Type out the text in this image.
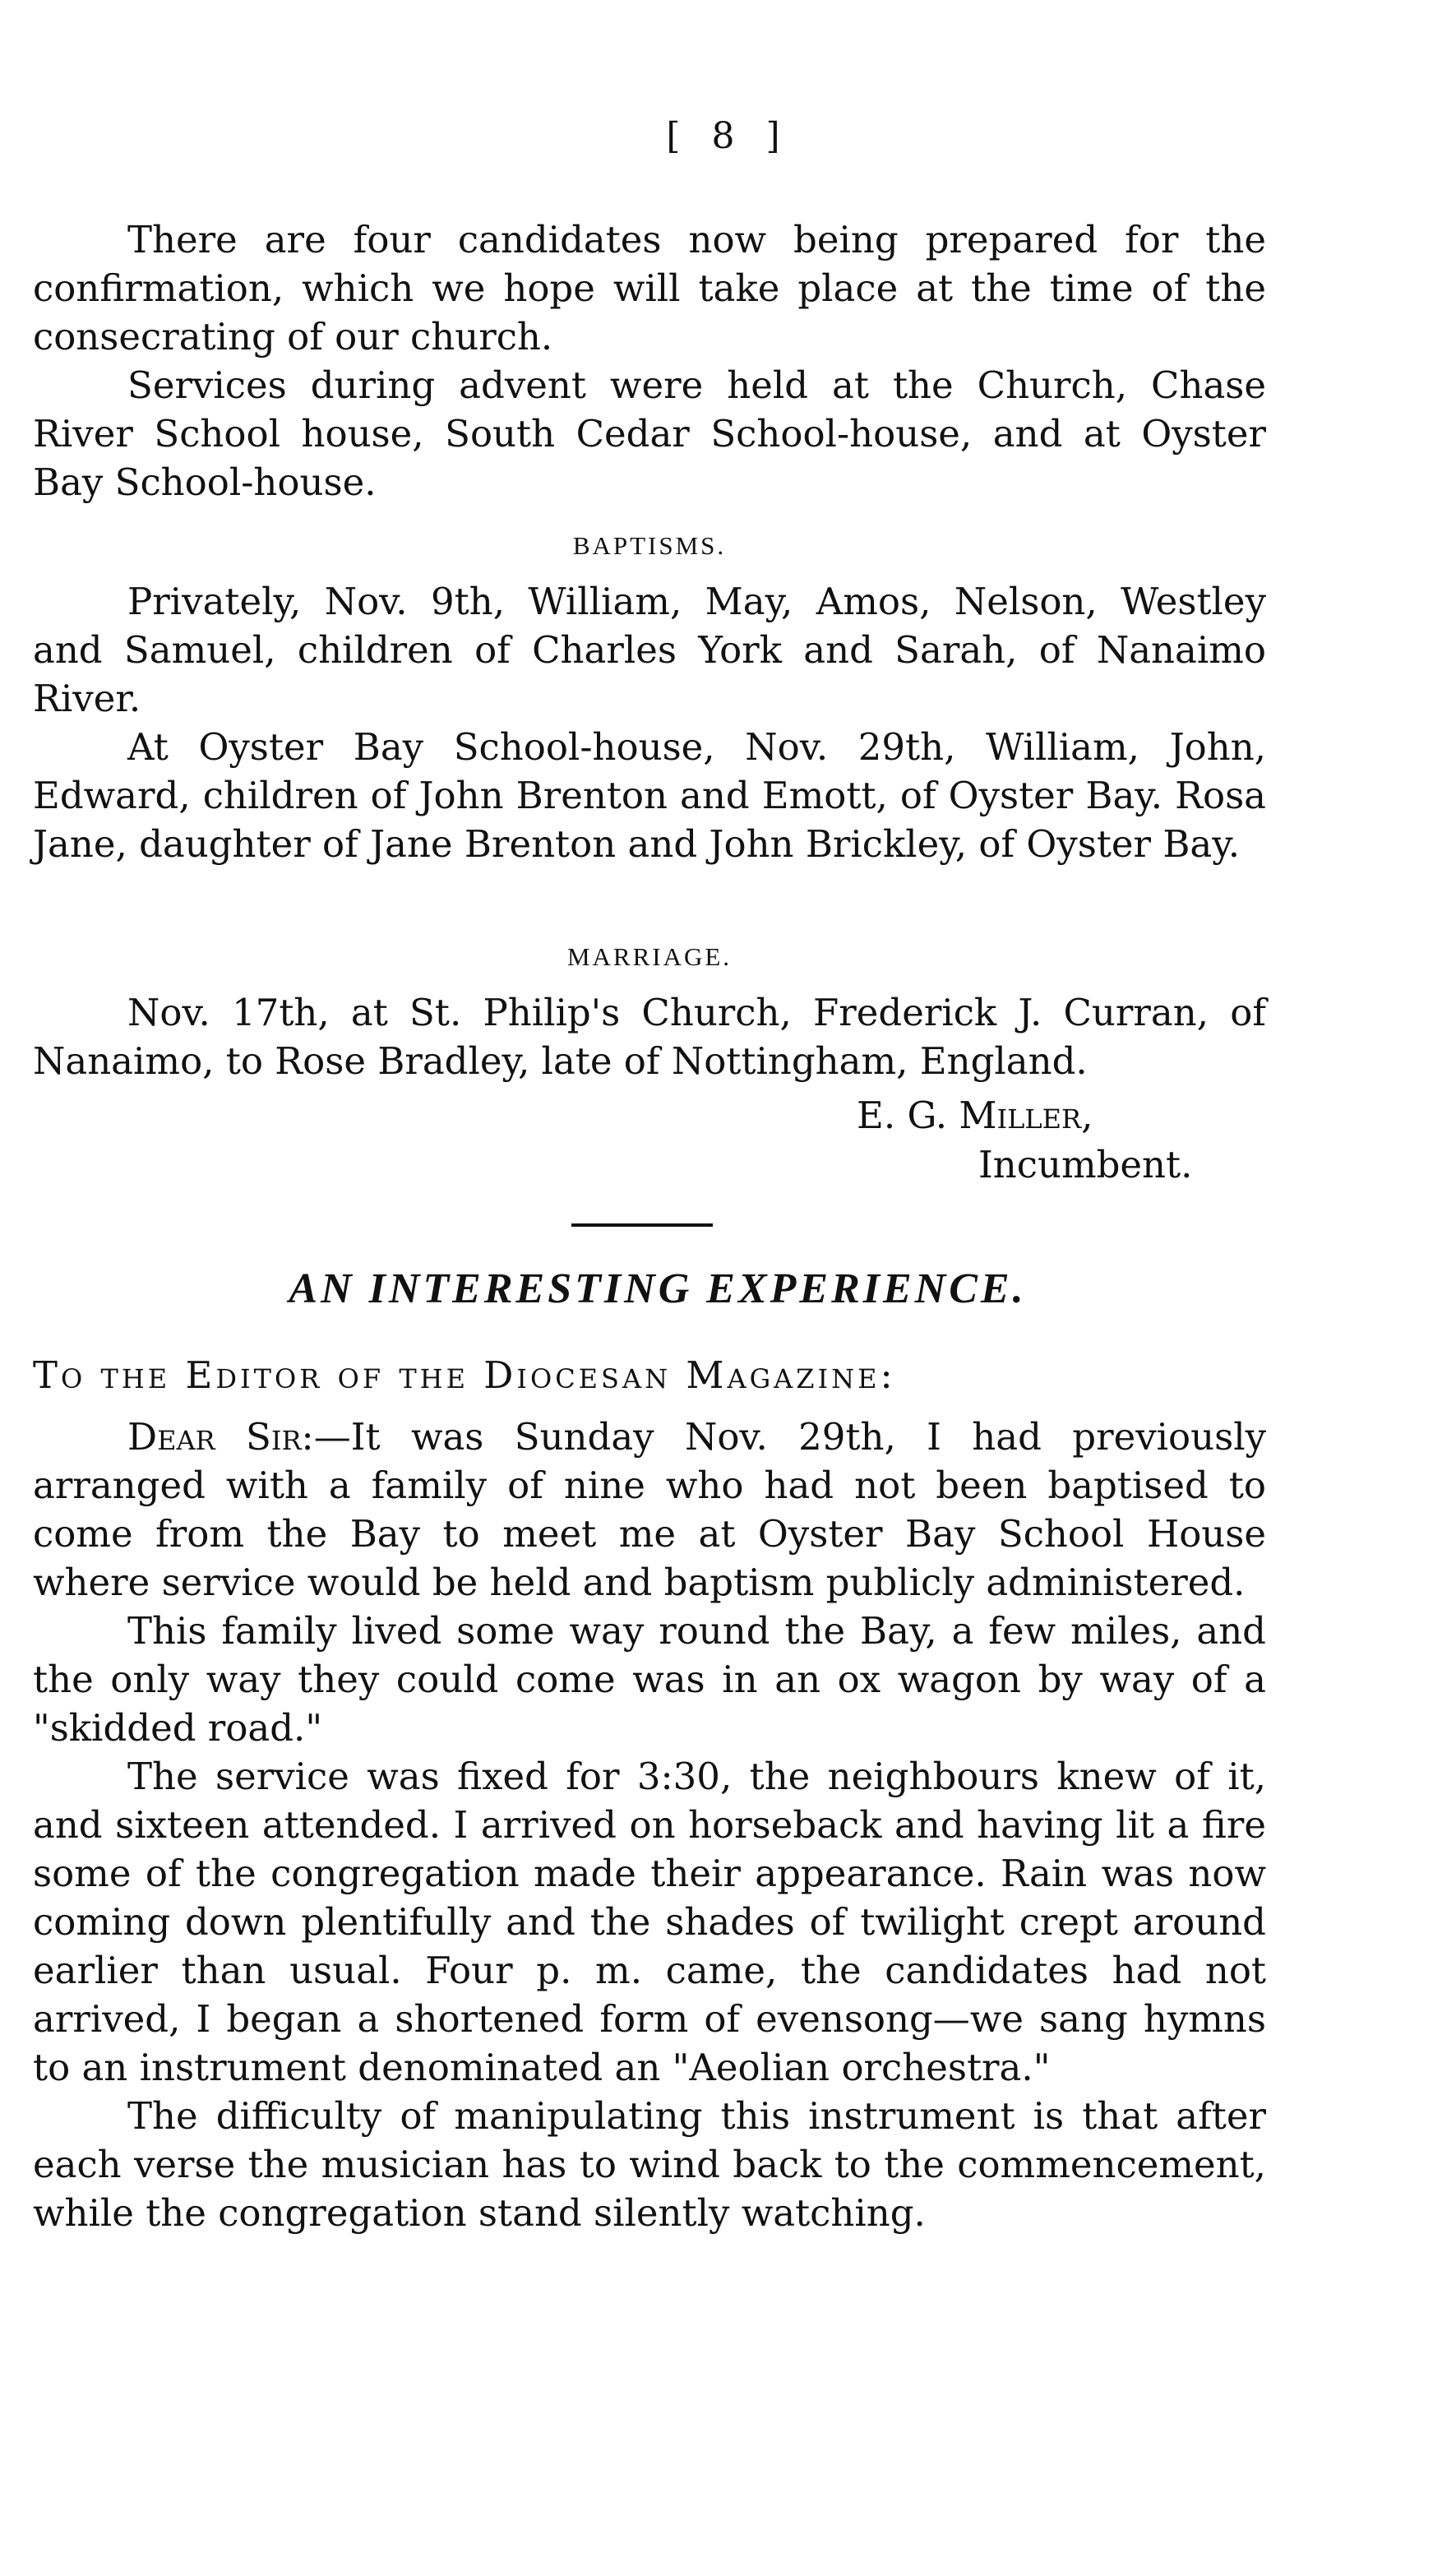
[ 8 ]

There are four candidates now being prepared for the confirmation, which we hope will take place at the time of the consecrating of our church.

Services during advent were held at the Church, Chase River School house, South Cedar School-house, and at Oyster Bay School-house.

BAPTISMS.

Privately, Nov. 9th, William, May, Amos, Nelson, Westley and Samuel, children of Charles York and Sarah, of Nanaimo River.

At Oyster Bay School-house, Nov. 29th, William, John, Edward, children of John Brenton and Emott, of Oyster Bay. Rosa Jane, daughter of Jane Brenton and John Brickley, of Oyster Bay.

MARRIAGE.

Nov. 17th, at St. Philip's Church, Frederick J. Curran, of Nanaimo, to Rose Bradley, late of Nottingham, England.

E. G. Miller,
Incumbent.
AN INTERESTING EXPERIENCE.
To the Editor of the Diocesan Magazine:

Dear Sir:—It was Sunday Nov. 29th, I had previously arranged with a family of nine who had not been baptised to come from the Bay to meet me at Oyster Bay School House where service would be held and baptism publicly administered.

This family lived some way round the Bay, a few miles, and the only way they could come was in an ox wagon by way of a "skidded road."

The service was fixed for 3:30, the neighbours knew of it, and sixteen attended. I arrived on horseback and having lit a fire some of the congregation made their appearance. Rain was now coming down plentifully and the shades of twilight crept around earlier than usual. Four p. m. came, the candidates had not arrived, I began a shortened form of evensong—we sang hymns to an instrument denominated an "Aeolian orchestra."

The difficulty of manipulating this instrument is that after each verse the musician has to wind back to the commencement, while the congregation stand silently watching.
